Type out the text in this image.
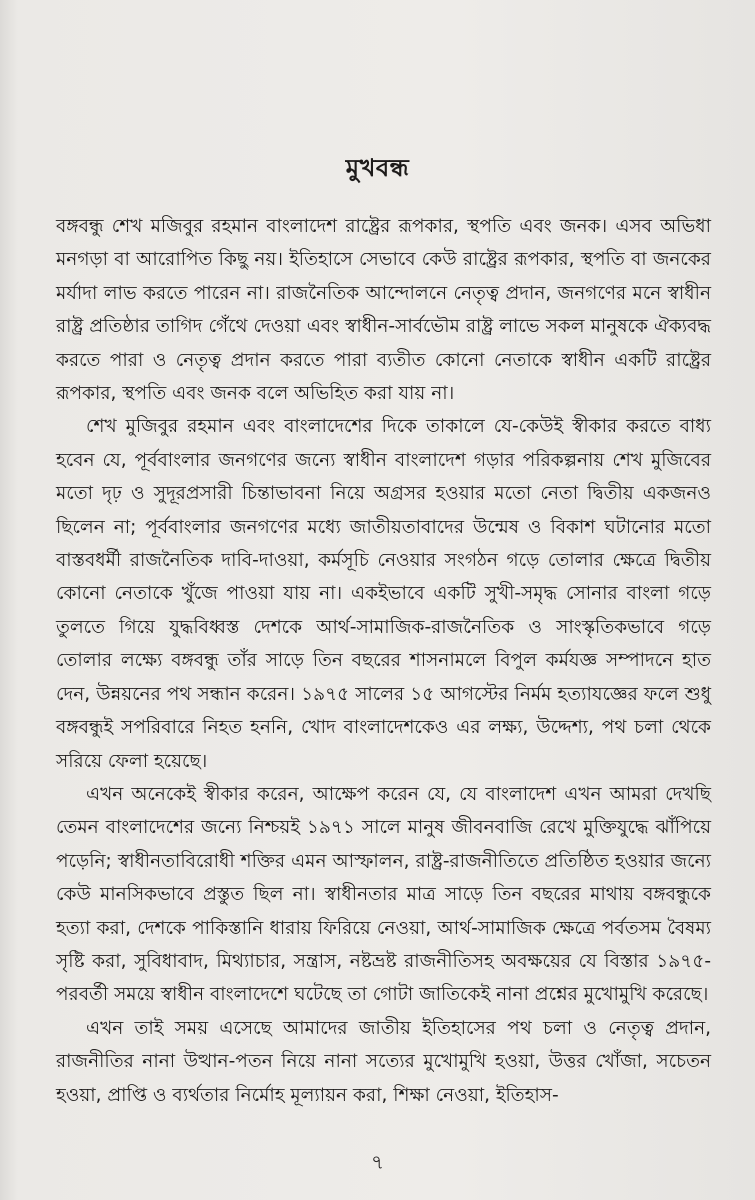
মুখবন্ধ

বঙ্গবন্ধু শেখ মজিবুর রহমান বাংলাদেশ রাষ্ট্রের রূপকার, স্থপতি এবং জনক। এসব অভিধা মনগড়া বা আরোপিত কিছু নয়। ইতিহাসে সেভাবে কেউ রাষ্ট্রের রূপকার, স্থপতি বা জনকের মর্যাদা লাভ করতে পারেন না। রাজনৈতিক আন্দোলনে নেতৃত্ব প্রদান, জনগণের মনে স্বাধীন রাষ্ট্র প্রতিষ্ঠার তাগিদ গেঁথে দেওয়া এবং স্বাধীন-সার্বভৌম রাষ্ট্র লাভে সকল মানুষকে ঐক্যবদ্ধ করতে পারা ও নেতৃত্ব প্রদান করতে পারা ব্যতীত কোনো নেতাকে স্বাধীন একটি রাষ্ট্রের রূপকার, স্থপতি এবং জনক বলে অভিহিত করা যায় না।

শেখ মুজিবুর রহমান এবং বাংলাদেশের দিকে তাকালে যে-কেউই স্বীকার করতে বাধ্য হবেন যে, পূর্ববাংলার জনগণের জন্যে স্বাধীন বাংলাদেশ গড়ার পরিকল্পনায় শেখ মুজিবের মতো দৃঢ় ও সুদূরপ্রসারী চিন্তাভাবনা নিয়ে অগ্রসর হওয়ার মতো নেতা দ্বিতীয় একজনও ছিলেন না; পূর্ববাংলার জনগণের মধ্যে জাতীয়তাবাদের উন্মেষ ও বিকাশ ঘটানোর মতো বাস্তবধর্মী রাজনৈতিক দাবি-দাওয়া, কর্মসূচি নেওয়ার সংগঠন গড়ে তোলার ক্ষেত্রে দ্বিতীয় কোনো নেতাকে খুঁজে পাওয়া যায় না। একইভাবে একটি সুখী-সমৃদ্ধ সোনার বাংলা গড়ে তুলতে গিয়ে যুদ্ধবিধ্বস্ত দেশকে আর্থ-সামাজিক-রাজনৈতিক ও সাংস্কৃতিকভাবে গড়ে তোলার লক্ষ্যে বঙ্গবন্ধু তাঁর সাড়ে তিন বছরের শাসনামলে বিপুল কর্মযজ্ঞ সম্পাদনে হাত দেন, উন্নয়নের পথ সন্ধান করেন। ১৯৭৫ সালের ১৫ আগস্টের নির্মম হত্যাযজ্ঞের ফলে শুধু বঙ্গবন্ধুই সপরিবারে নিহত হননি, খোদ বাংলাদেশকেও এর লক্ষ্য, উদ্দেশ্য, পথ চলা থেকে সরিয়ে ফেলা হয়েছে।

এখন অনেকেই স্বীকার করেন, আক্ষেপ করেন যে, যে বাংলাদেশ এখন আমরা দেখছি তেমন বাংলাদেশের জন্যে নিশ্চয়ই ১৯৭১ সালে মানুষ জীবনবাজি রেখে মুক্তিযুদ্ধে ঝাঁপিয়ে পড়েনি; স্বাধীনতাবিরোধী শক্তির এমন আস্ফালন, রাষ্ট্র-রাজনীতিতে প্রতিষ্ঠিত হওয়ার জন্যে কেউ মানসিকভাবে প্রস্তুত ছিল না। স্বাধীনতার মাত্র সাড়ে তিন বছরের মাথায় বঙ্গবন্ধুকে হত্যা করা, দেশকে পাকিস্তানি ধারায় ফিরিয়ে নেওয়া, আর্থ-সামাজিক ক্ষেত্রে পর্বতসম বৈষম্য সৃষ্টি করা, সুবিধাবাদ, মিথ্যাচার, সন্ত্রাস, নষ্টভ্রষ্ট রাজনীতিসহ অবক্ষয়ের যে বিস্তার ১৯৭৫-পরবর্তী সময়ে স্বাধীন বাংলাদেশে ঘটেছে তা গোটা জাতিকেই নানা প্রশ্নের মুখোমুখি করেছে।

এখন তাই সময় এসেছে আমাদের জাতীয় ইতিহাসের পথ চলা ও নেতৃত্ব প্রদান, রাজনীতির নানা উত্থান-পতন নিয়ে নানা সত্যের মুখোমুখি হওয়া, উত্তর খোঁজা, সচেতন হওয়া, প্রাপ্তি ও ব্যর্থতার নির্মোহ মূল্যায়ন করা, শিক্ষা নেওয়া, ইতিহাস-

৭
